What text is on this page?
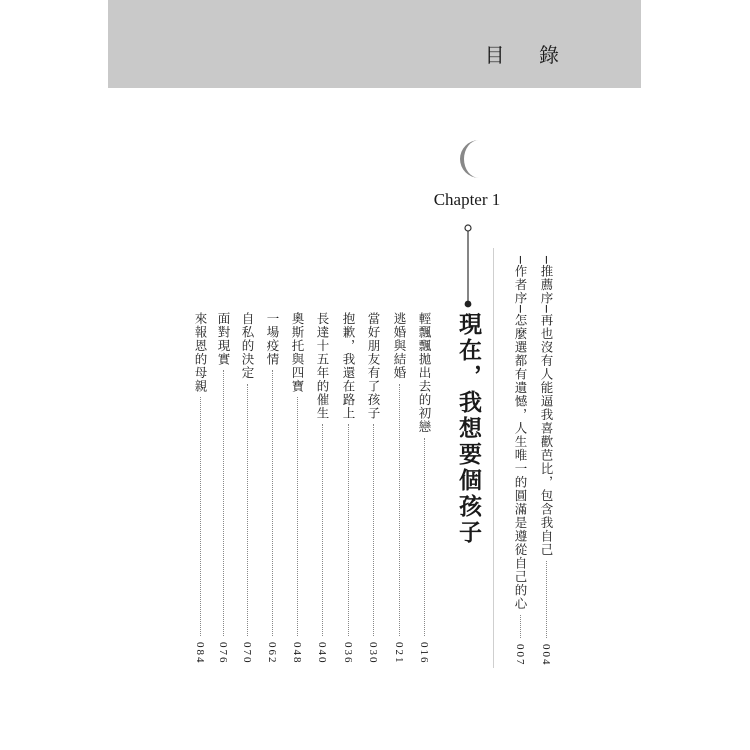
目 錄
Chapter 1
現在，我想要個孩子	─推薦序─再也沒有人能逼我喜歡芭比，包含我自己
004
─作者序─怎麼選都有遺憾，人生唯一的圓滿是遵從自己的心
007
輕飄飄拋出去的初戀
016
逃婚與結婚
021
當好朋友有了孩子
030
抱歉，我還在路上
036
長達十五年的催生
040
奧斯托與四寶
048
一場疫情
062
自私的決定
070
面對現實
076
來報恩的母親
084
